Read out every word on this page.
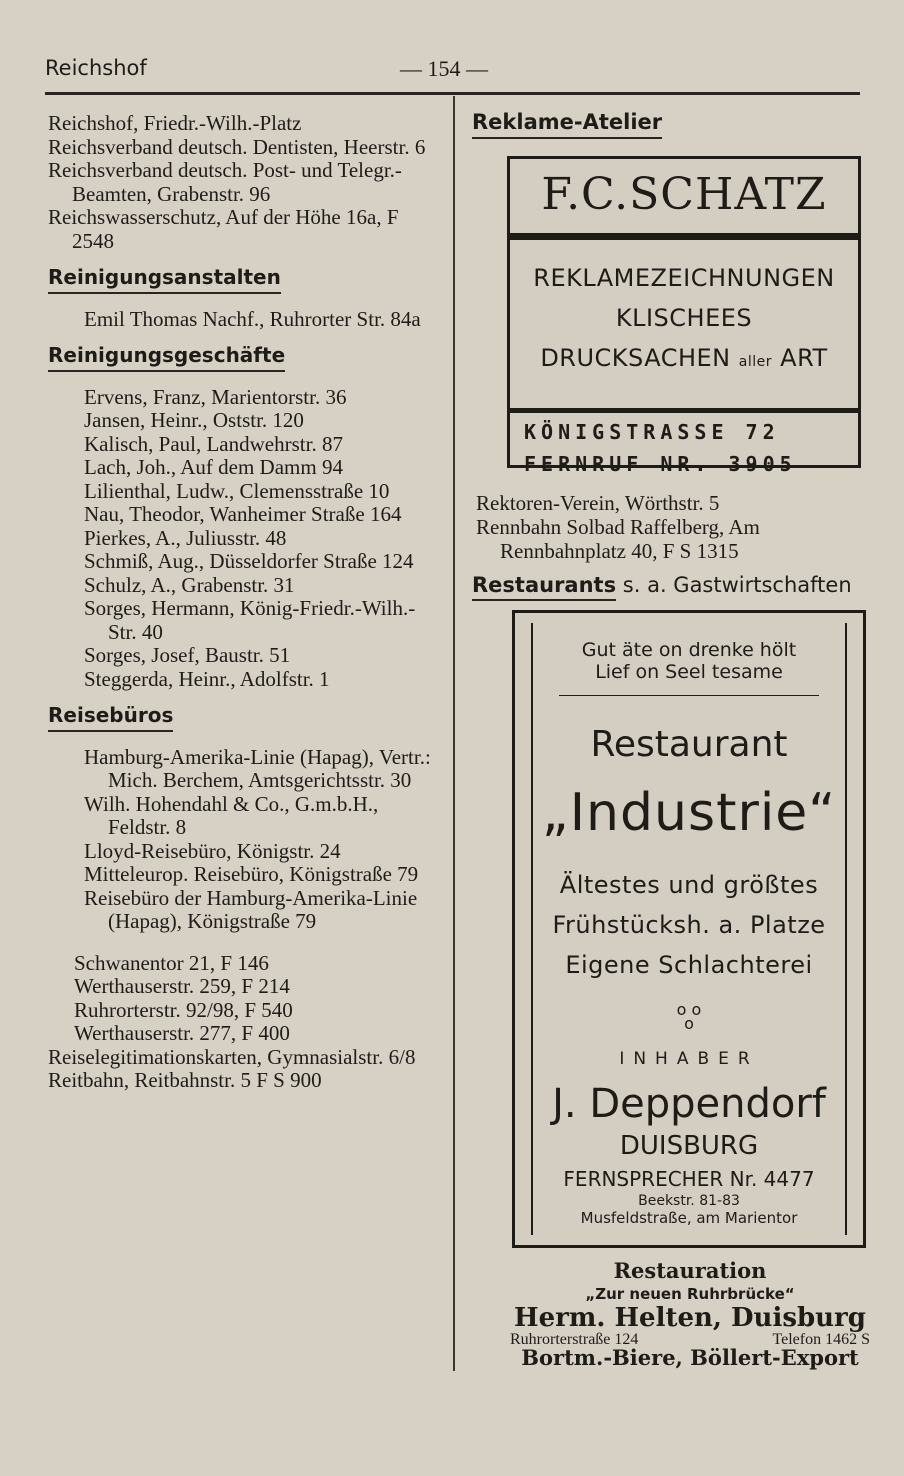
Reichshof	— 154 —

Reichshof, Friedr.-Wilh.-Platz

Reichsverband deutsch. Dentisten, Heerstr. 6

Reichsverband deutsch. Post- und Telegr.-Beamten, Grabenstr. 96

Reichswasserschutz, Auf der Höhe 16a, F 2548

Reinigungsanstalten

Emil Thomas Nachf., Ruhrorter Str. 84a

Reinigungsgeschäfte

Ervens, Franz, Marientorstr. 36

Jansen, Heinr., Oststr. 120

Kalisch, Paul, Landwehrstr. 87

Lach, Joh., Auf dem Damm 94

Lilienthal, Ludw., Clemensstraße 10

Nau, Theodor, Wanheimer Straße 164

Pierkes, A., Juliusstr. 48

Schmiß, Aug., Düsseldorfer Straße 124

Schulz, A., Grabenstr. 31

Sorges, Hermann, König-Friedr.-Wilh.-Str. 40

Sorges, Josef, Baustr. 51

Steggerda, Heinr., Adolfstr. 1

Reisebüros

Hamburg-Amerika-Linie (Hapag), Vertr.: Mich. Berchem, Amtsgerichtsstr. 30

Wilh. Hohendahl & Co., G.m.b.H., Feldstr. 8

Lloyd-Reisebüro, Königstr. 24

Mitteleurop. Reisebüro, Königstraße 79

Reisebüro der Hamburg-Amerika-Linie (Hapag), Königstraße 79

Schwanentor 21, F 146

Werthauserstr. 259, F 214

Ruhrorterstr. 92/98, F 540

Werthauserstr. 277, F 400

Reiselegitimationskarten, Gymnasialstr. 6/8

Reitbahn, Reitbahnstr. 5 F S 900

Reklame-Atelier
F.C.SCHATZ
REKLAMEZEICHNUNGEN
KLISCHEES
DRUCKSACHEN aller ART
KÖNIGSTRASSE 72
FERNRUF NR. 3905

Rektoren-Verein, Wörthstr. 5

Rennbahn Solbad Raffelberg, Am Rennbahnplatz 40, F S 1315

Restaurants s. a. Gastwirtschaften
Gut äte on drenke hölt
Lief on Seel tesame
Restaurant
„Industrie“
Ältestes und größtes
Frühstücksh. a. Platze
Eigene Schlachterei
o o
o
INHABER
J. Deppendorf
DUISBURG
FERNSPRECHER Nr. 4477
Beekstr. 81-83
Musfeldstraße, am Marientor
Restauration
„Zur neuen Ruhrbrücke“
Herm. Helten, Duisburg
Ruhrorterstraße 124	Telefon 1462 S
Bortm.-Biere, Böllert-Export
